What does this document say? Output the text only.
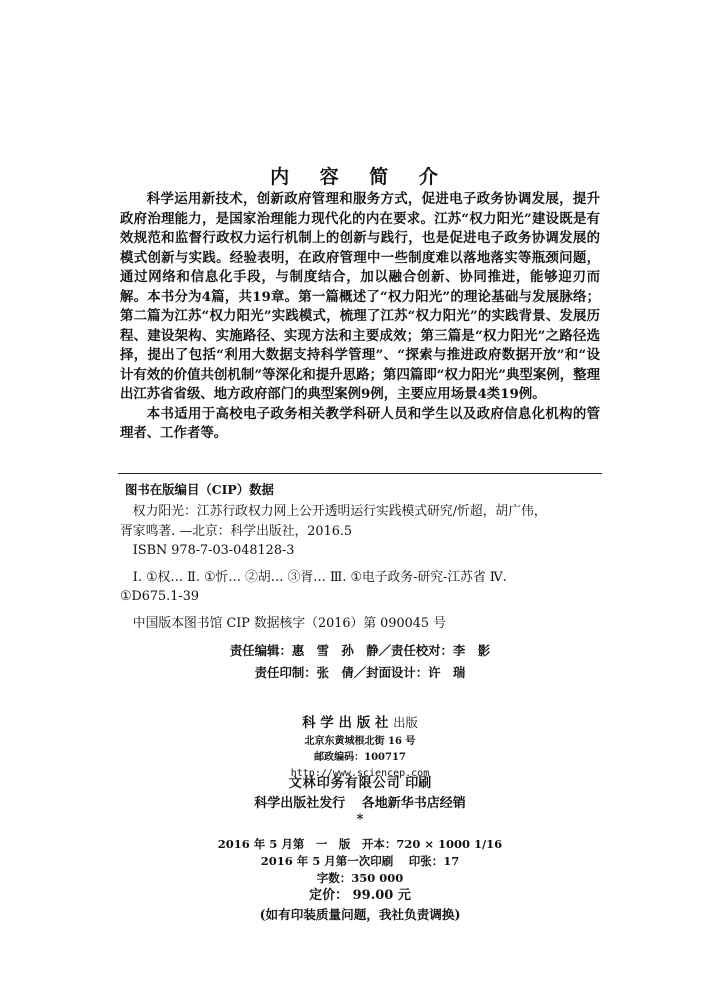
内 容 简 介

科学运用新技术，创新政府管理和服务方式，促进电子政务协调发展，提升政府治理能力，是国家治理能力现代化的内在要求。江苏“权力阳光”建设既是有效规范和监督行政权力运行机制上的创新与践行，也是促进电子政务协调发展的模式创新与实践。经验表明，在政府管理中一些制度难以落地落实等瓶颈问题，通过网络和信息化手段，与制度结合，加以融合创新、协同推进，能够迎刃而解。本书分为4篇，共19章。第一篇概述了“权力阳光”的理论基础与发展脉络；第二篇为江苏“权力阳光”实践模式，梳理了江苏“权力阳光”的实践背景、发展历程、建设架构、实施路径、实现方法和主要成效；第三篇是“权力阳光”之路径选择，提出了包括“利用大数据支持科学管理”、“探索与推进政府数据开放”和“设计有效的价值共创机制”等深化和提升思路；第四篇即“权力阳光”典型案例，整理出江苏省省级、地方政府部门的典型案例9例，主要应用场景4类19例。

本书适用于高校电子政务相关教学科研人员和学生以及政府信息化机构的管理者、工作者等。

图书在版编目（CIP）数据
权力阳光：江苏行政权力网上公开透明运行实践模式研究/忻超，胡广伟，
胥家鸣著. —北京：科学出版社，2016.5
ISBN 978-7-03-048128-3
Ⅰ. ①权… Ⅱ. ①忻… ②胡… ③胥… Ⅲ. ①电子政务-研究-江苏省 Ⅳ.
①D675.1-39
中国版本图书馆 CIP 数据核字（2016）第 090045 号
责任编辑：惠　雪　孙　静／责任校对：李　影
责任印制：张　倩／封面设计：许　瑞
科 学 出 版 社 出版
北京东黄城根北街 16 号
邮政编码：100717
http://www.sciencep.com
文林印务有限公司 印刷
科学出版社发行 各地新华书店经销
*
2016 年 5 月第　一　版　开本：720 × 1000 1/16
2016 年 5 月第一次印刷　 印张：17
字数：350 000
定价： 99.00 元
(如有印装质量问题，我社负责调换)
